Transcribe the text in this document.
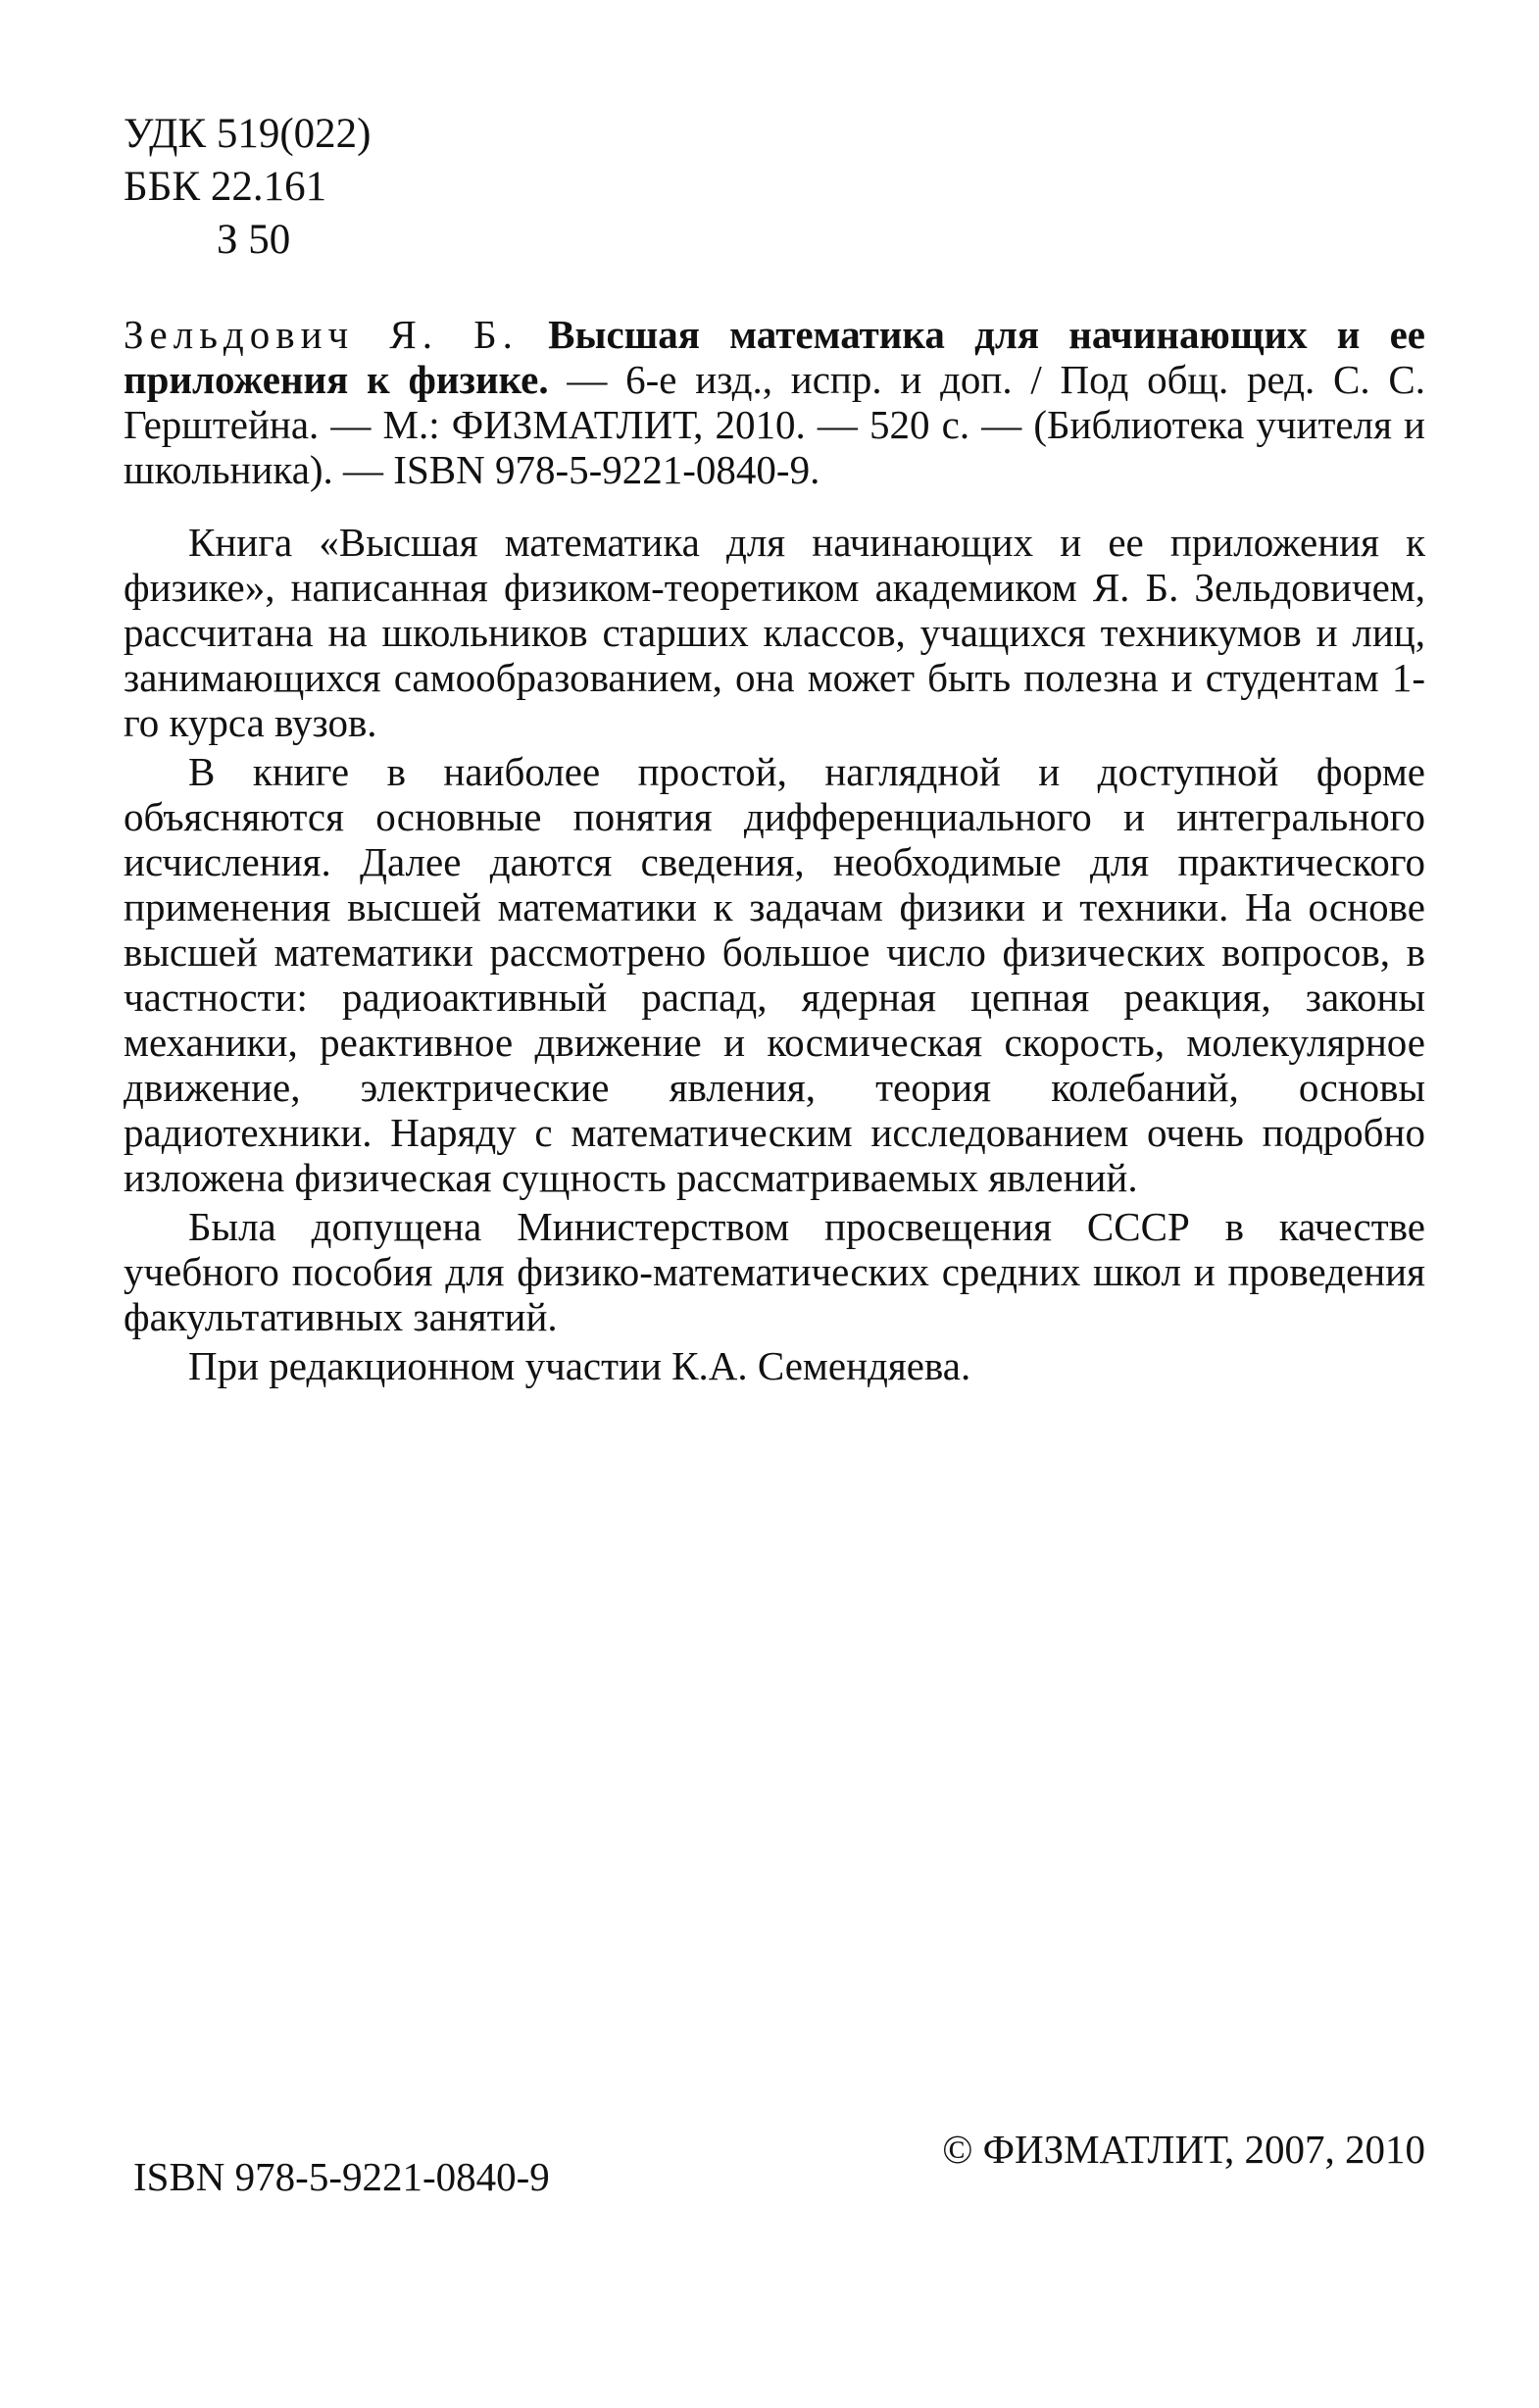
УДК 519(022)
ББК 22.161
З 50
Зельдович Я. Б. Высшая математика для начинающих и ее приложения к физике. — 6-е изд., испр. и доп. / Под общ. ред. С. С. Герштейна. — М.: ФИЗМАТЛИТ, 2010. — 520 с. — (Библиотека учителя и школьника). — ISBN 978-5-9221-0840-9.

Книга «Высшая математика для начинающих и ее приложения к физике», написанная физиком-теоретиком академиком Я. Б. Зельдовичем, рассчитана на школьников старших классов, учащихся техникумов и лиц, занимающихся самообразованием, она может быть полезна и студентам 1-го курса вузов.

В книге в наиболее простой, наглядной и доступной форме объясняются основные понятия дифференциального и интегрального исчисления. Далее даются сведения, необходимые для практического применения высшей математики к задачам физики и техники. На основе высшей математики рассмотрено большое число физических вопросов, в частности: радиоактивный распад, ядерная цепная реакция, законы механики, реактивное движение и космическая скорость, молекулярное движение, электрические явления, теория колебаний, основы радиотехники. Наряду с математическим исследованием очень подробно изложена физическая сущность рассматриваемых явлений.

Была допущена Министерством просвещения СССР в качестве учебного пособия для физико-математических средних школ и проведения факультативных занятий.

При редакционном участии К.А. Семендяева.

ISBN 978-5-9221-0840-9
© ФИЗМАТЛИТ, 2007, 2010
